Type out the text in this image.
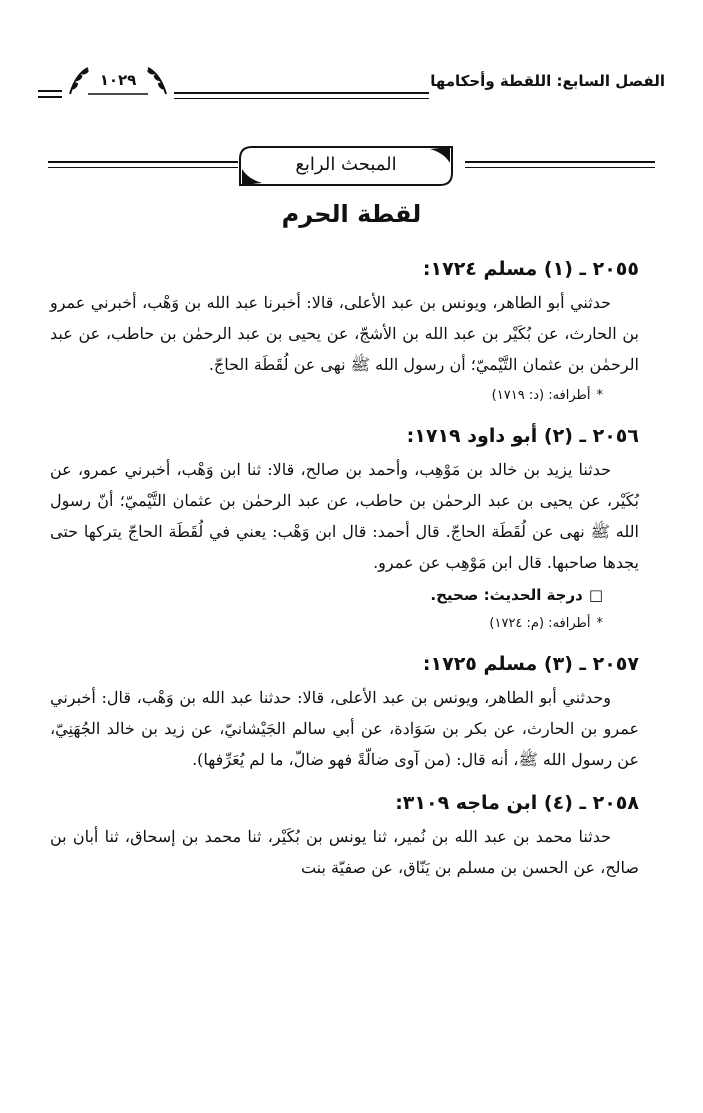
الفصل السابع: اللقطة وأحكامها
١٠٢٩
المبحث الرابع
لقطة الحرم
٢٠٥٥ ـ (١) مسلم ١٧٢٤:

حدثني أبو الطاهر، ويونس بن عبد الأعلى، قالا: أخبرنا عبد الله بن وَهْب، أخبرني عمرو بن الحارث، عن بُكَيْر بن عبد الله بن الأشجّ، عن يحيى بن عبد الرحمٰن بن حاطب، عن عبد الرحمٰن بن عثمان التَّيْميّ؛ أن رسول الله ﷺ نهى عن لُقَطَة الحاجّ.

*أطرافه: (د: ١٧١٩)
٢٠٥٦ ـ (٢) أبو داود ١٧١٩:

حدثنا يزيد بن خالد بن مَوْهِب، وأحمد بن صالح، قالا: ثنا ابن وَهْب، أخبرني عمرو، عن بُكَيْر، عن يحيى بن عبد الرحمٰن بن حاطب، عن عبد الرحمٰن بن عثمان التَّيْميّ؛ أنّ رسول الله ﷺ نهى عن لُقَطَة الحاجّ. قال أحمد: قال ابن وَهْب: يعني في لُقَطَة الحاجّ يتركها حتى يجدها صاحبها. قال ابن مَوْهِب عن عمرو.

□درجة الحديث: صحيح.
*أطرافه: (م: ١٧٢٤)
٢٠٥٧ ـ (٣) مسلم ١٧٢٥:

وحدثني أبو الطاهر، ويونس بن عبد الأعلى، قالا: حدثنا عبد الله بن وَهْب، قال: أخبرني عمرو بن الحارث، عن بكر بن سَوَادة، عن أبي سالم الجَيْشانيّ، عن زيد بن خالد الجُهَنِيّ، عن رسول الله ﷺ، أنه قال: (من آوى ضالّةً فهو ضالّ، ما لم يُعَرِّفها).

٢٠٥٨ ـ (٤) ابن ماجه ٣١٠٩:

حدثنا محمد بن عبد الله بن نُمير، ثنا يونس بن بُكَيْر، ثنا محمد بن إسحاق، ثنا أبان بن صالح، عن الحسن بن مسلم بن يَنّاق، عن صفيّة بنت
